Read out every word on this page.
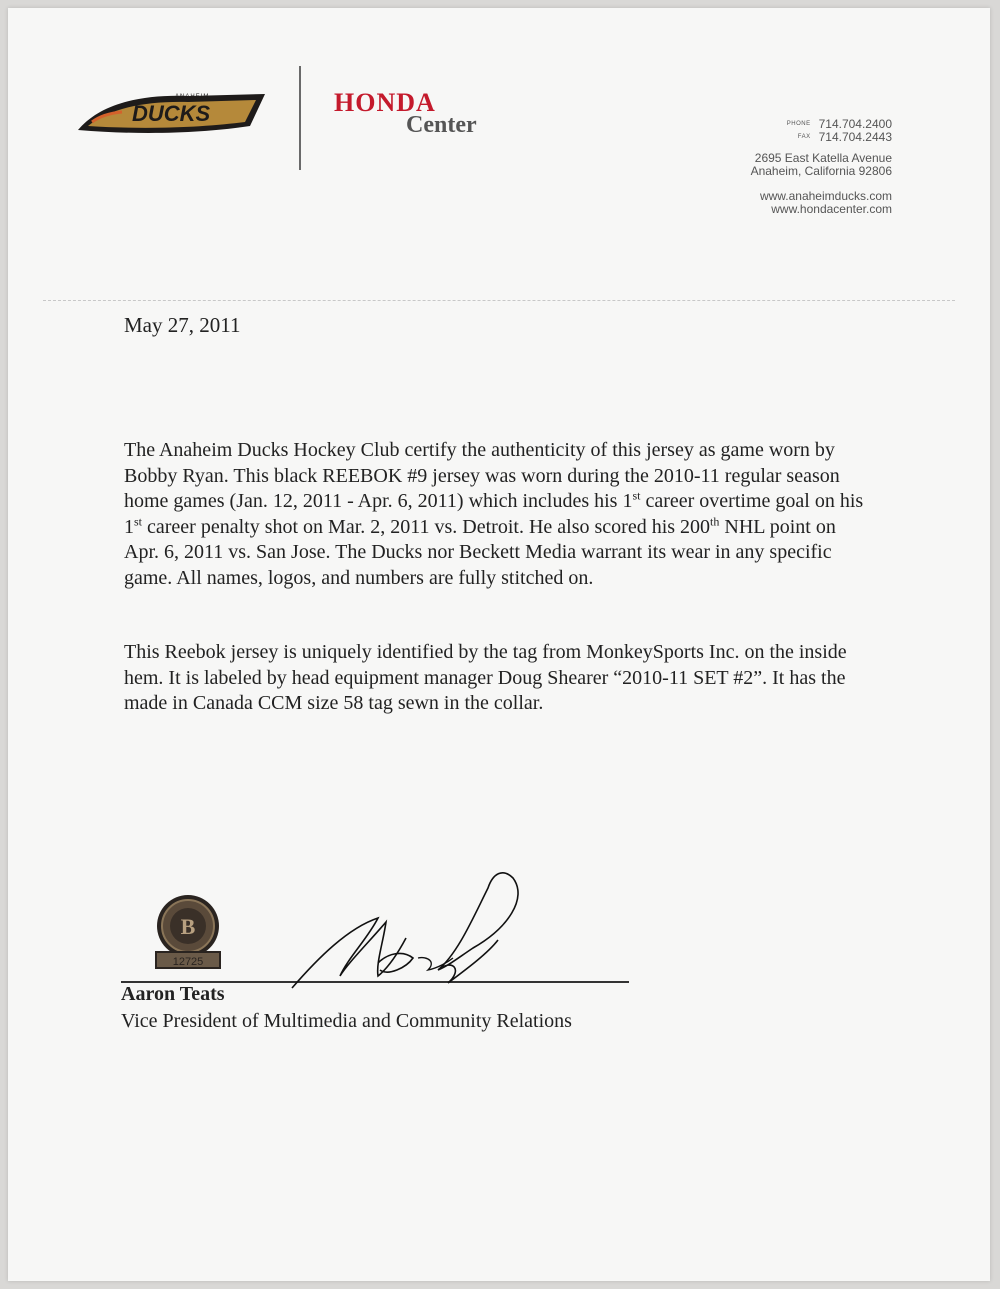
DUCKS
ANAHEIM	HONDA
Center	PHONE 714.704.2400
FAX 714.704.2443
2695 East Katella Avenue
Anaheim, California 92806
www.anaheimducks.com
www.hondacenter.com
May 27, 2011

The Anaheim Ducks Hockey Club certify the authenticity of this jersey as game worn by Bobby Ryan. This black REEBOK #9 jersey was worn during the 2010-11 regular season home games (Jan. 12, 2011 - Apr. 6, 2011) which includes his 1st career overtime goal on his 1st career penalty shot on Mar. 2, 2011 vs. Detroit. He also scored his 200th NHL point on Apr. 6, 2011 vs. San Jose. The Ducks nor Beckett Media warrant its wear in any specific game. All names, logos, and numbers are fully stitched on.

This Reebok jersey is uniquely identified by the tag from MonkeySports Inc. on the inside hem. It is labeled by head equipment manager Doug Shearer “2010-11 SET #2”. It has the made in Canada CCM size 58 tag sewn in the collar.

B
12725
Aaron Teats
Vice President of Multimedia and Community Relations
